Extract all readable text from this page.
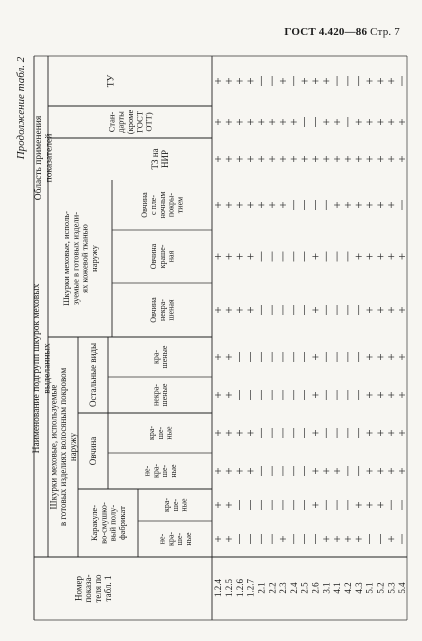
ГОСТ 4.420—86 Стр. 7
Наименование подгрупп шкурок меховыхвыделанных
Шкурки меховые, используемыев готовых изделиях волосяным покровомнаружу
Шкурки меховые, исполь-зуемые в готовых издели-ях кожевой тканьюнаружу
Каракуле-во-смушко-вый полу-фабрикат
Овчина
Остальные виды
не-кра-ше-ные
кра-ше-ные
не-кра-ше-ные
кра-ше-ные
некра-шеные
кра-шеные
Овчинанекра-шеная
Овчинакраше-ная
Овчинас пле-ночнымпокры-тием
Область примененияпоказателей	ТЗ наНИР
Стан-дарты(кромеГОСТОТТ)
ТУ
Продолжение табл. 2
Номерпоказа-теля потабл. 1	1.2.4 1.2.5 1.2.6 1.2.7 2.1 2.2 2.3 2.4 2.5 2.6 3.1 4.1 4.2 4.3 5.1 5.2 5.3 5.4
